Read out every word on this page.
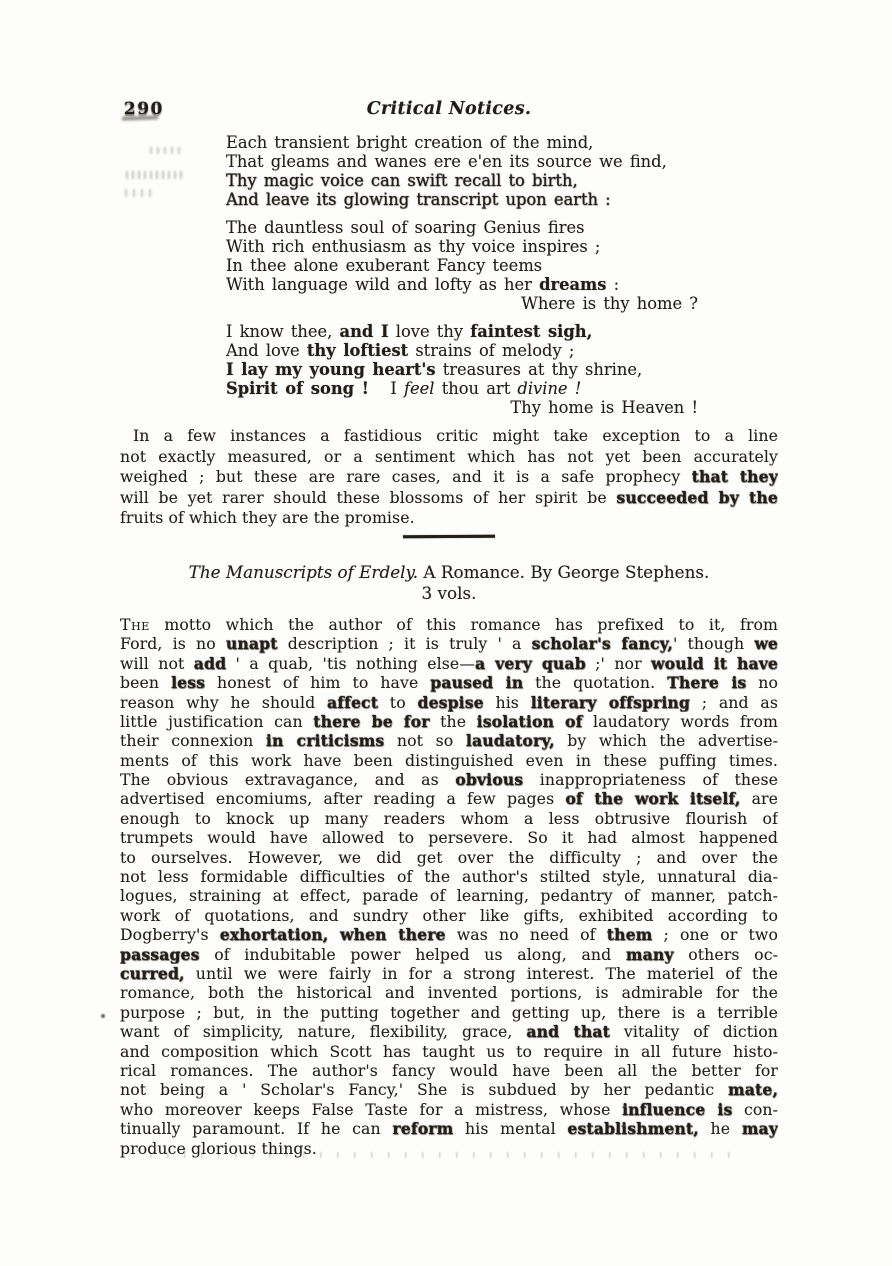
290	Critical Notices.
Each transient bright creation of the mind,
That gleams and wanes ere e'en its source we find,
Thy magic voice can swift recall to birth,
And leave its glowing transcript upon earth :
The dauntless soul of soaring Genius fires
With rich enthusiasm as thy voice inspires ;
In thee alone exuberant Fancy teems
With language wild and lofty as her dreams :
Where is thy home ?
I know thee, and I love thy faintest sigh,
And love thy loftiest strains of melody ;
I lay my young heart's treasures at thy shrine,
Spirit of song !   I feel thou art divine !
Thy home is Heaven !
In a few instances a fastidious critic might take exception to a line
not exactly measured, or a sentiment which has not yet been accurately
weighed ; but these are rare cases, and it is a safe prophecy that they
will be yet rarer should these blossoms of her spirit be succeeded by the
fruits of which they are the promise.
The Manuscripts of Erdely. A Romance. By George Stephens.
3 vols.
The motto which the author of this romance has prefixed to it, from
Ford, is no unapt description ; it is truly ' a scholar's fancy,' though we
will not add ' a quab, 'tis nothing else—a very quab ;' nor would it have
been less honest of him to have paused in the quotation. There is no
reason why he should affect to despise his literary offspring ; and as
little justification can there be for the isolation of laudatory words from
their connexion in criticisms not so laudatory, by which the advertise-
ments of this work have been distinguished even in these puffing times.
The obvious extravagance, and as obvious inappropriateness of these
advertised encomiums, after reading a few pages of the work itself, are
enough to knock up many readers whom a less obtrusive flourish of
trumpets would have allowed to persevere. So it had almost happened
to ourselves. However, we did get over the difficulty ; and over the
not less formidable difficulties of the author's stilted style, unnatural dia-
logues, straining at effect, parade of learning, pedantry of manner, patch-
work of quotations, and sundry other like gifts, exhibited according to
Dogberry's exhortation, when there was no need of them ; one or two
passages of indubitable power helped us along, and many others oc-
curred, until we were fairly in for a strong interest. The materiel of the
romance, both the historical and invented portions, is admirable for the
purpose ; but, in the putting together and getting up, there is a terrible
want of simplicity, nature, flexibility, grace, and that vitality of diction
and composition which Scott has taught us to require in all future histo-
rical romances. The author's fancy would have been all the better for
not being a ' Scholar's Fancy,' She is subdued by her pedantic mate,
who moreover keeps False Taste for a mistress, whose influence is con-
tinually paramount. If he can reform his mental establishment, he may
produce glorious things.
